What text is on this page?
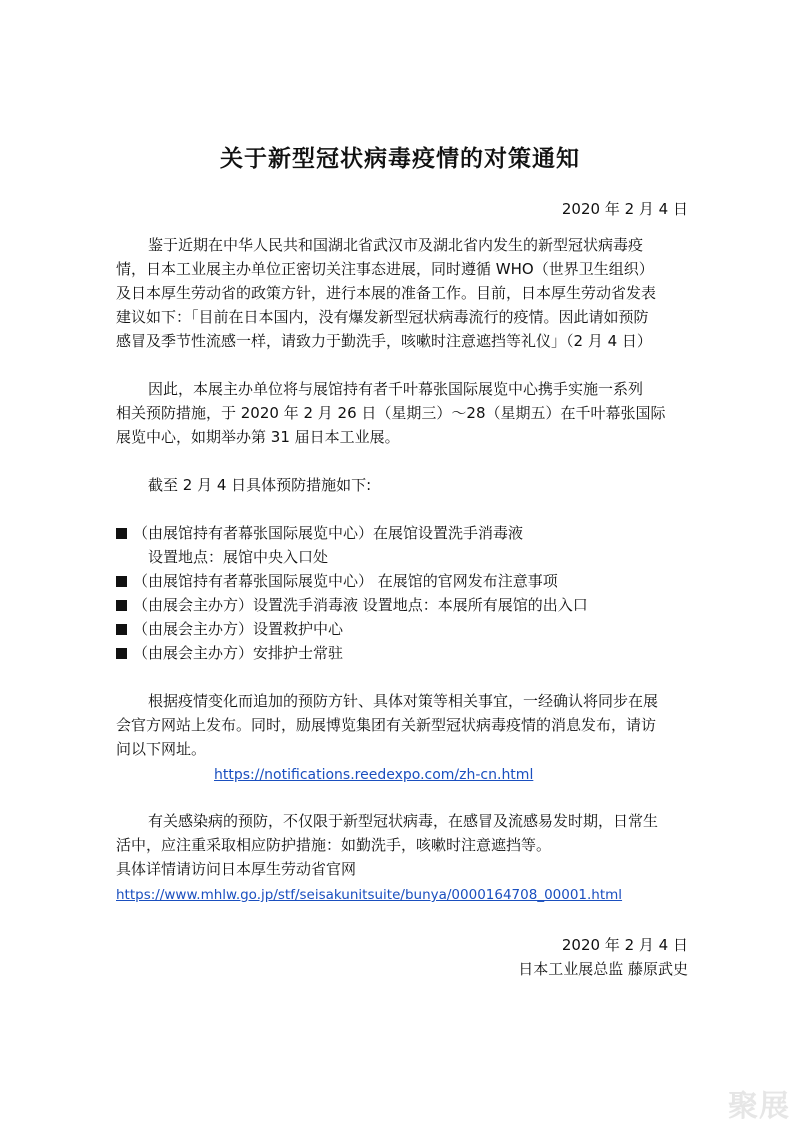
关于新型冠状病毒疫情的对策通知
2020 年 2 月 4 日
鉴于近期在中华人民共和国湖北省武汉市及湖北省内发生的新型冠状病毒疫
情，日本工业展主办单位正密切关注事态进展，同时遵循 WHO（世界卫生组织）
及日本厚生劳动省的政策方针，进行本展的准备工作。目前，日本厚生劳动省发表
建议如下：「目前在日本国内，没有爆发新型冠状病毒流行的疫情。因此请如预防
感冒及季节性流感一样，请致力于勤洗手，咳嗽时注意遮挡等礼仪」（2 月 4 日）
因此，本展主办单位将与展馆持有者千叶幕张国际展览中心携手实施一系列
相关预防措施，于 2020 年 2 月 26 日（星期三）～28（星期五）在千叶幕张国际
展览中心，如期举办第 31 届日本工业展。
截至 2 月 4 日具体预防措施如下:
（由展馆持有者幕张国际展览中心）在展馆设置洗手消毒液
设置地点：展馆中央入口处
（由展馆持有者幕张国际展览中心） 在展馆的官网发布注意事项
（由展会主办方）设置洗手消毒液 设置地点：本展所有展馆的出入口
（由展会主办方）设置救护中心
（由展会主办方）安排护士常驻
根据疫情变化而追加的预防方针、具体对策等相关事宜，一经确认将同步在展
会官方网站上发布。同时，励展博览集团有关新型冠状病毒疫情的消息发布，请访
问以下网址。
https://notifications.reedexpo.com/zh-cn.html
有关感染病的预防，不仅限于新型冠状病毒，在感冒及流感易发时期，日常生
活中，应注重采取相应防护措施：如勤洗手，咳嗽时注意遮挡等。
具体详情请访问日本厚生劳动省官网
https://www.mhlw.go.jp/stf/seisakunitsuite/bunya/0000164708_00001.html
2020 年 2 月 4 日
日本工业展总监 藤原武史
聚展
